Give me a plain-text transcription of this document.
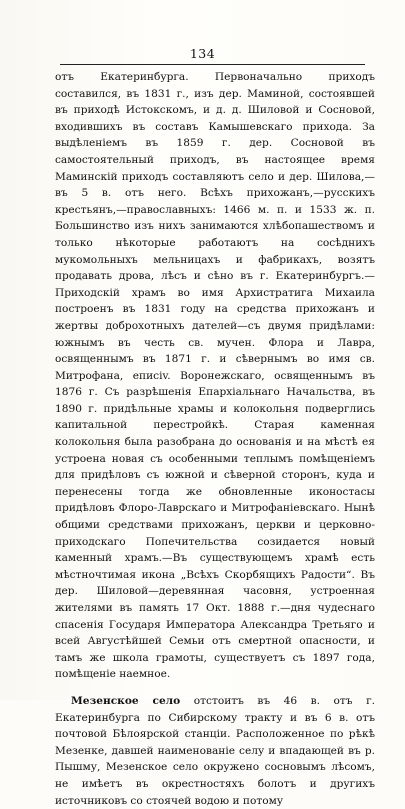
134

отъ Екатеринбурга. Первоначально приходъ составился, въ 1831 г., изъ дер. Маминой, состоявшей въ приходѣ Истокскомъ, и д. д. Шиловой и Сосновой, входившихъ въ составъ Камышевскаго прихода. За выдѣленіемъ въ 1859 г. дер. Сосновой въ самостоятельный приходъ, въ настоящее время Маминскій приходъ составляютъ село и дер. Шилова,—въ 5 в. отъ него. Всѣхъ прихожанъ,—русскихъ крестьянъ,—православныхъ: 1466 м. п. и 1533 ж. п. Большинство изъ нихъ занимаются хлѣбопашествомъ и только нѣкоторые работаютъ на сосѣднихъ мукомольныхъ мельницахъ и фабрикахъ, возятъ продавать дрова, лѣсъ и сѣно въ г. Екатеринбургъ.—Приходскій храмъ во имя Архистратига Михаила построенъ въ 1831 году на средства прихожанъ и жертвы доброхотныхъ дателей—съ двумя придѣлами: южнымъ въ честь св. мучен. Флора и Лавра, освященнымъ въ 1871 г. и сѣвернымъ во имя св. Митрофана, епиciv. Воронежскаго, освященнымъ въ 1876 г. Съ разрѣшенія Епархіальнаго Начальства, въ 1890 г. придѣльные храмы и колокольня подверглись капитальной перестройкѣ. Старая каменная колокольня была разобрана до основанія и на мѣстѣ ея устроена новая съ особенными теплымъ помѣщеніемъ для придѣловъ съ южной и сѣверной сторонъ, куда и перенесены тогда же обновленные иконостасы придѣловъ Флоро-Лаврскаго и Митрофаніевскаго. Нынѣ общими средствами прихожанъ, церкви и церковно-приходскаго Попечительства созидается новый каменный храмъ.—Въ существующемъ храмѣ есть мѣстночтимая икона „Всѣхъ Скорбящихъ Радости“. Въ дер. Шиловой—деревянная часовня, устроенная жителями въ память 17 Окт. 1888 г.—дня чудеснаго спасенія Государя Императора Александра Третьяго и всей Августѣйшей Семьи отъ смертной опасности, и тамъ же школа грамоты, существуетъ съ 1897 года, помѣщеніе наемное.

Мезенское село отстоитъ въ 46 в. отъ г. Екатеринбурга по Сибирскому тракту и въ 6 в. отъ почтовой Бѣлоярской станціи. Расположенное по рѣкѣ Мезенке, давшей наименованіе селу и впадающей въ р. Пышму, Мезенское село окружено сосновымъ лѣсомъ, не имѣетъ въ окрестностяхъ болотъ и другихъ источниковъ со стоячей водою и потому
